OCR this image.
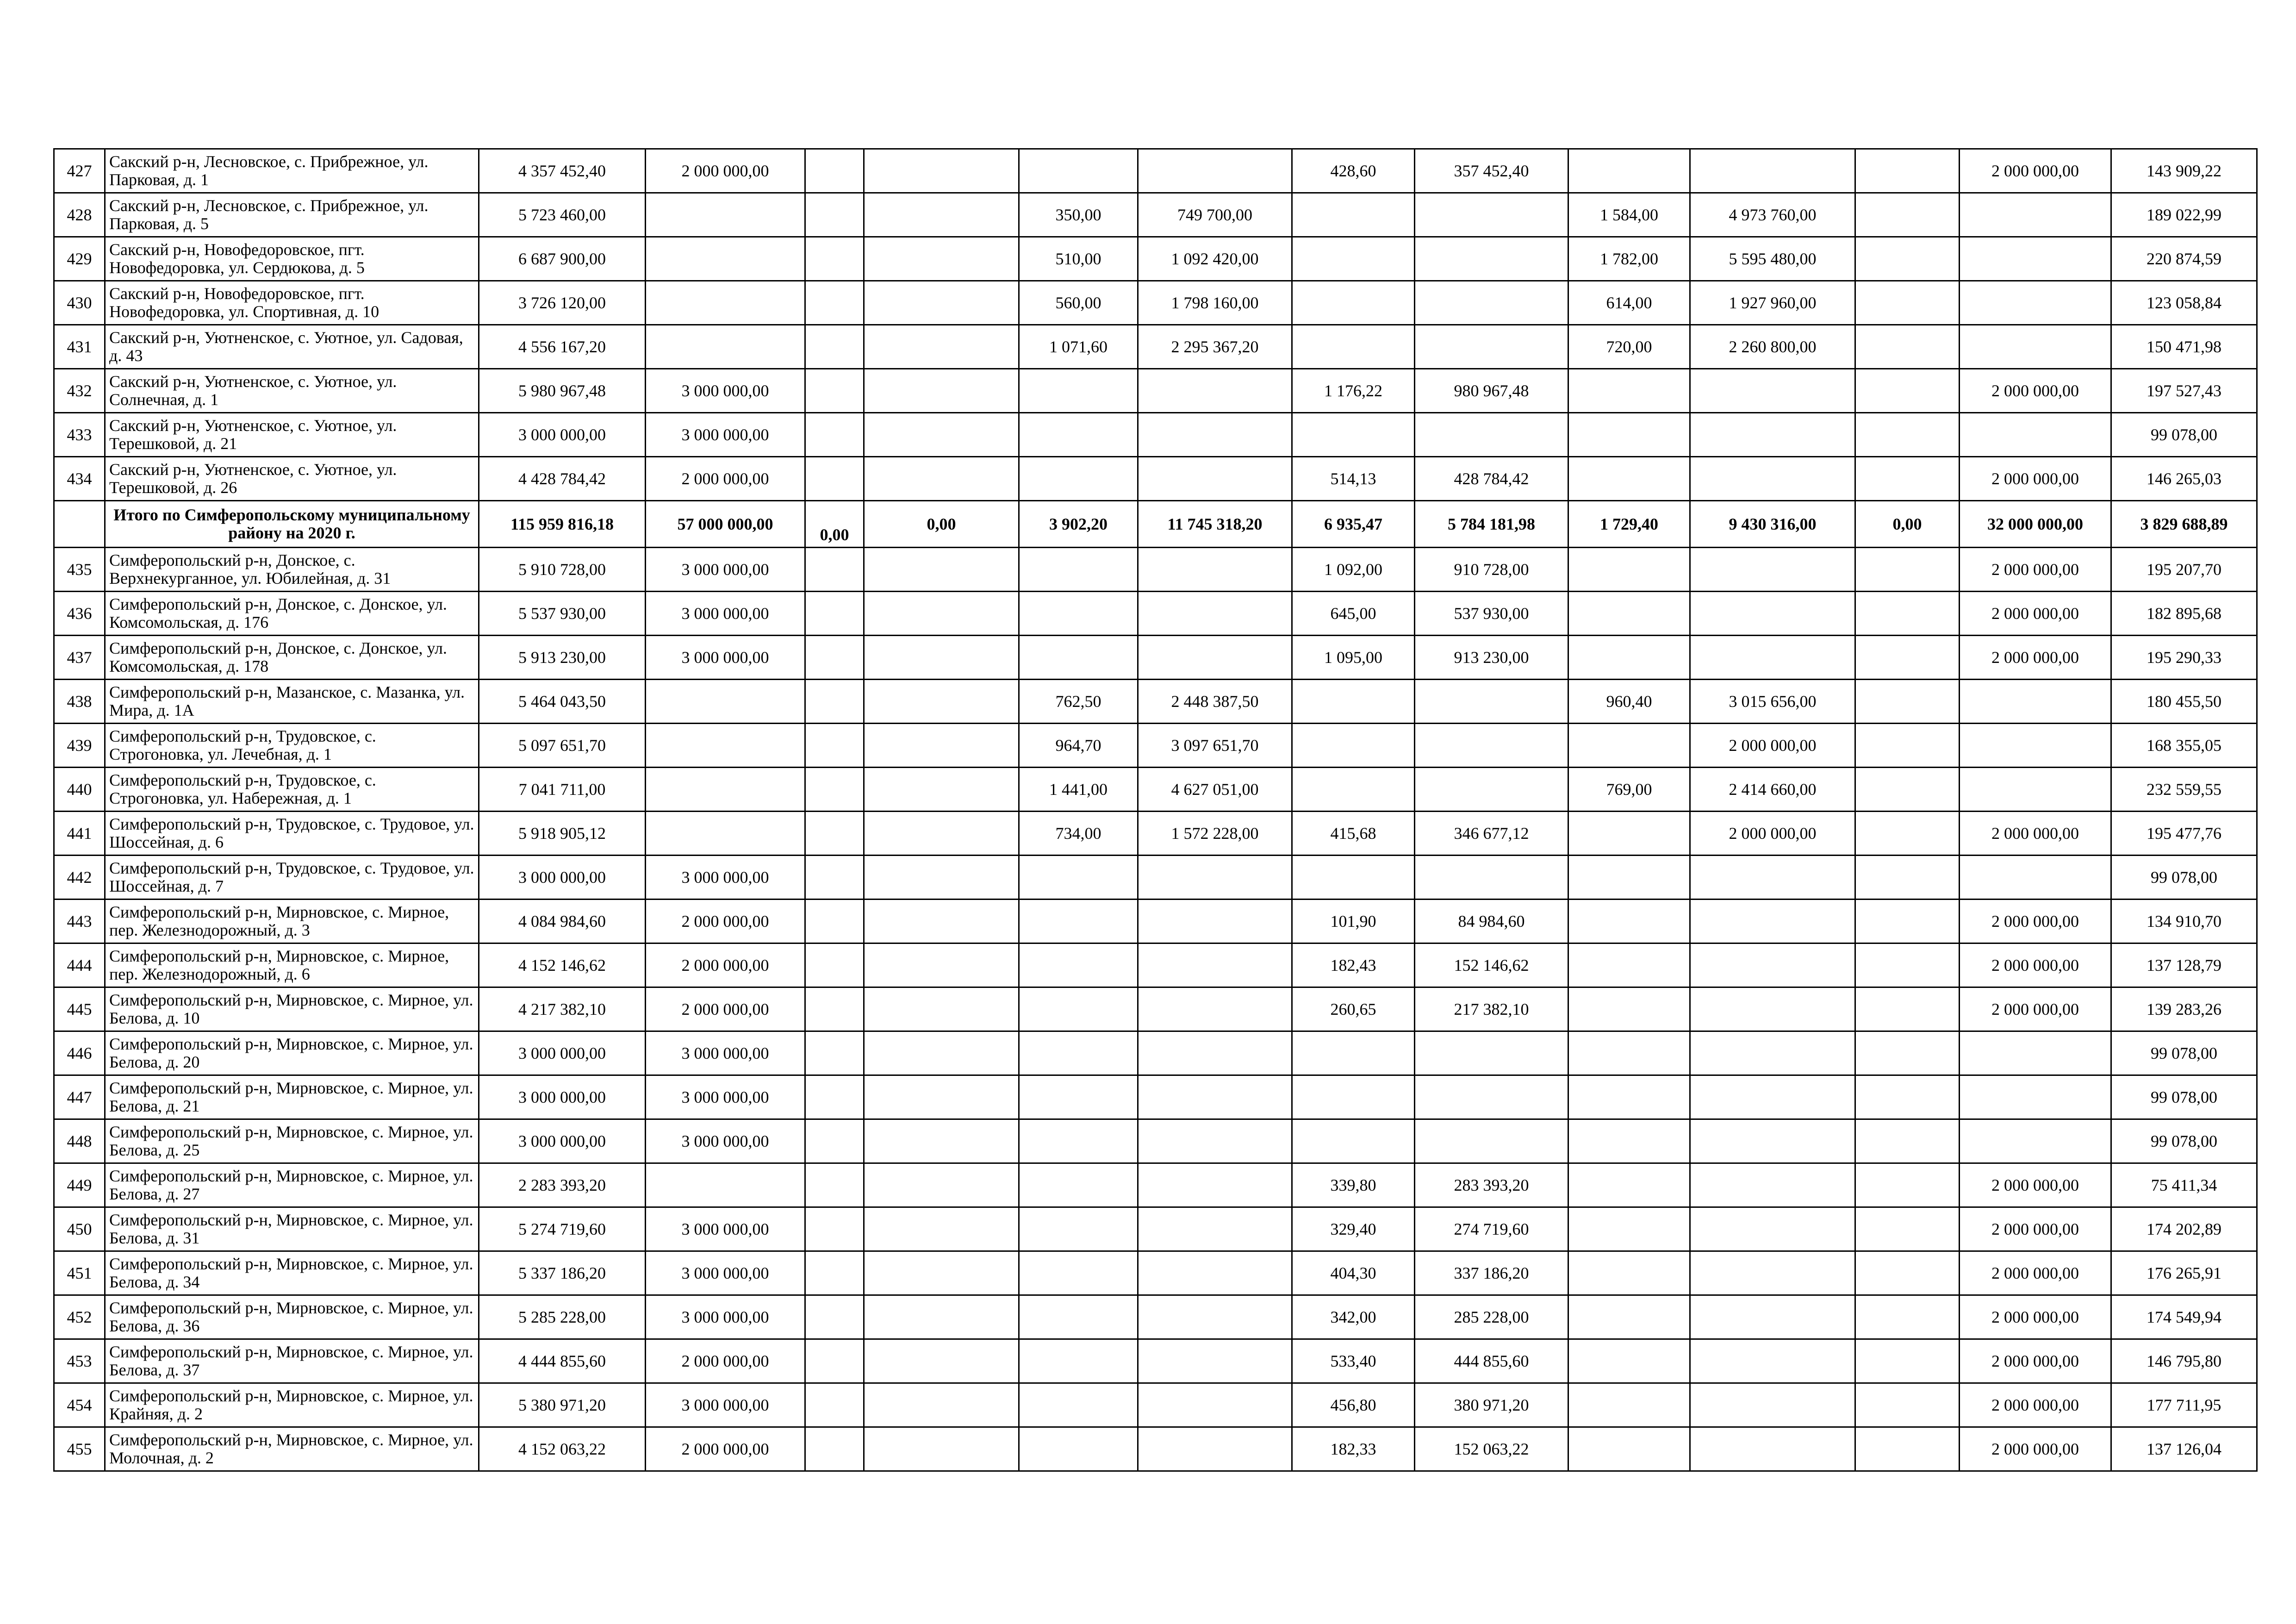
427	Сакский р-н, Лесновское, с. Прибрежное, ул. Парковая, д. 1	4 357 452,40	2 000 000,00					428,60	357 452,40				2 000 000,00	143 909,22
428	Сакский р-н, Лесновское, с. Прибрежное, ул. Парковая, д. 5	5 723 460,00				350,00	749 700,00			1 584,00	4 973 760,00			189 022,99
429	Сакский р-н, Новофедоровское, пгт. Новофедоровка, ул. Сердюкова, д. 5	6 687 900,00				510,00	1 092 420,00			1 782,00	5 595 480,00			220 874,59
430	Сакский р-н, Новофедоровское, пгт. Новофедоровка, ул. Спортивная, д. 10	3 726 120,00				560,00	1 798 160,00			614,00	1 927 960,00			123 058,84
431	Сакский р-н, Уютненское, с. Уютное, ул. Садовая, д. 43	4 556 167,20				1 071,60	2 295 367,20			720,00	2 260 800,00			150 471,98
432	Сакский р-н, Уютненское, с. Уютное, ул. Солнечная, д. 1	5 980 967,48	3 000 000,00					1 176,22	980 967,48				2 000 000,00	197 527,43
433	Сакский р-н, Уютненское, с. Уютное, ул. Терешковой, д. 21	3 000 000,00	3 000 000,00											99 078,00
434	Сакский р-н, Уютненское, с. Уютное, ул. Терешковой, д. 26	4 428 784,42	2 000 000,00					514,13	428 784,42				2 000 000,00	146 265,03
	Итого по Симферопольскому муниципальному району на 2020 г.	115 959 816,18	57 000 000,00	0,00	0,00	3 902,20	11 745 318,20	6 935,47	5 784 181,98	1 729,40	9 430 316,00	0,00	32 000 000,00	3 829 688,89
435	Симферопольский р-н, Донское, с. Верхнекурганное, ул. Юбилейная, д. 31	5 910 728,00	3 000 000,00					1 092,00	910 728,00				2 000 000,00	195 207,70
436	Симферопольский р-н, Донское, с. Донское, ул. Комсомольская, д. 176	5 537 930,00	3 000 000,00					645,00	537 930,00				2 000 000,00	182 895,68
437	Симферопольский р-н, Донское, с. Донское, ул. Комсомольская, д. 178	5 913 230,00	3 000 000,00					1 095,00	913 230,00				2 000 000,00	195 290,33
438	Симферопольский р-н, Мазанское, с. Мазанка, ул. Мира, д. 1А	5 464 043,50				762,50	2 448 387,50			960,40	3 015 656,00			180 455,50
439	Симферопольский р-н, Трудовское, с. Строгоновка, ул. Лечебная, д. 1	5 097 651,70				964,70	3 097 651,70				2 000 000,00			168 355,05
440	Симферопольский р-н, Трудовское, с. Строгоновка, ул. Набережная, д. 1	7 041 711,00				1 441,00	4 627 051,00			769,00	2 414 660,00			232 559,55
441	Симферопольский р-н, Трудовское, с. Трудовое, ул. Шоссейная, д. 6	5 918 905,12				734,00	1 572 228,00	415,68	346 677,12		2 000 000,00		2 000 000,00	195 477,76
442	Симферопольский р-н, Трудовское, с. Трудовое, ул. Шоссейная, д. 7	3 000 000,00	3 000 000,00											99 078,00
443	Симферопольский р-н, Мирновское, с. Мирное, пер. Железнодорожный, д. 3	4 084 984,60	2 000 000,00					101,90	84 984,60				2 000 000,00	134 910,70
444	Симферопольский р-н, Мирновское, с. Мирное, пер. Железнодорожный, д. 6	4 152 146,62	2 000 000,00					182,43	152 146,62				2 000 000,00	137 128,79
445	Симферопольский р-н, Мирновское, с. Мирное, ул. Белова, д. 10	4 217 382,10	2 000 000,00					260,65	217 382,10				2 000 000,00	139 283,26
446	Симферопольский р-н, Мирновское, с. Мирное, ул. Белова, д. 20	3 000 000,00	3 000 000,00											99 078,00
447	Симферопольский р-н, Мирновское, с. Мирное, ул. Белова, д. 21	3 000 000,00	3 000 000,00											99 078,00
448	Симферопольский р-н, Мирновское, с. Мирное, ул. Белова, д. 25	3 000 000,00	3 000 000,00											99 078,00
449	Симферопольский р-н, Мирновское, с. Мирное, ул. Белова, д. 27	2 283 393,20						339,80	283 393,20				2 000 000,00	75 411,34
450	Симферопольский р-н, Мирновское, с. Мирное, ул. Белова, д. 31	5 274 719,60	3 000 000,00					329,40	274 719,60				2 000 000,00	174 202,89
451	Симферопольский р-н, Мирновское, с. Мирное, ул. Белова, д. 34	5 337 186,20	3 000 000,00					404,30	337 186,20				2 000 000,00	176 265,91
452	Симферопольский р-н, Мирновское, с. Мирное, ул. Белова, д. 36	5 285 228,00	3 000 000,00					342,00	285 228,00				2 000 000,00	174 549,94
453	Симферопольский р-н, Мирновское, с. Мирное, ул. Белова, д. 37	4 444 855,60	2 000 000,00					533,40	444 855,60				2 000 000,00	146 795,80
454	Симферопольский р-н, Мирновское, с. Мирное, ул. Крайняя, д. 2	5 380 971,20	3 000 000,00					456,80	380 971,20				2 000 000,00	177 711,95
455	Симферопольский р-н, Мирновское, с. Мирное, ул. Молочная, д. 2	4 152 063,22	2 000 000,00					182,33	152 063,22				2 000 000,00	137 126,04
